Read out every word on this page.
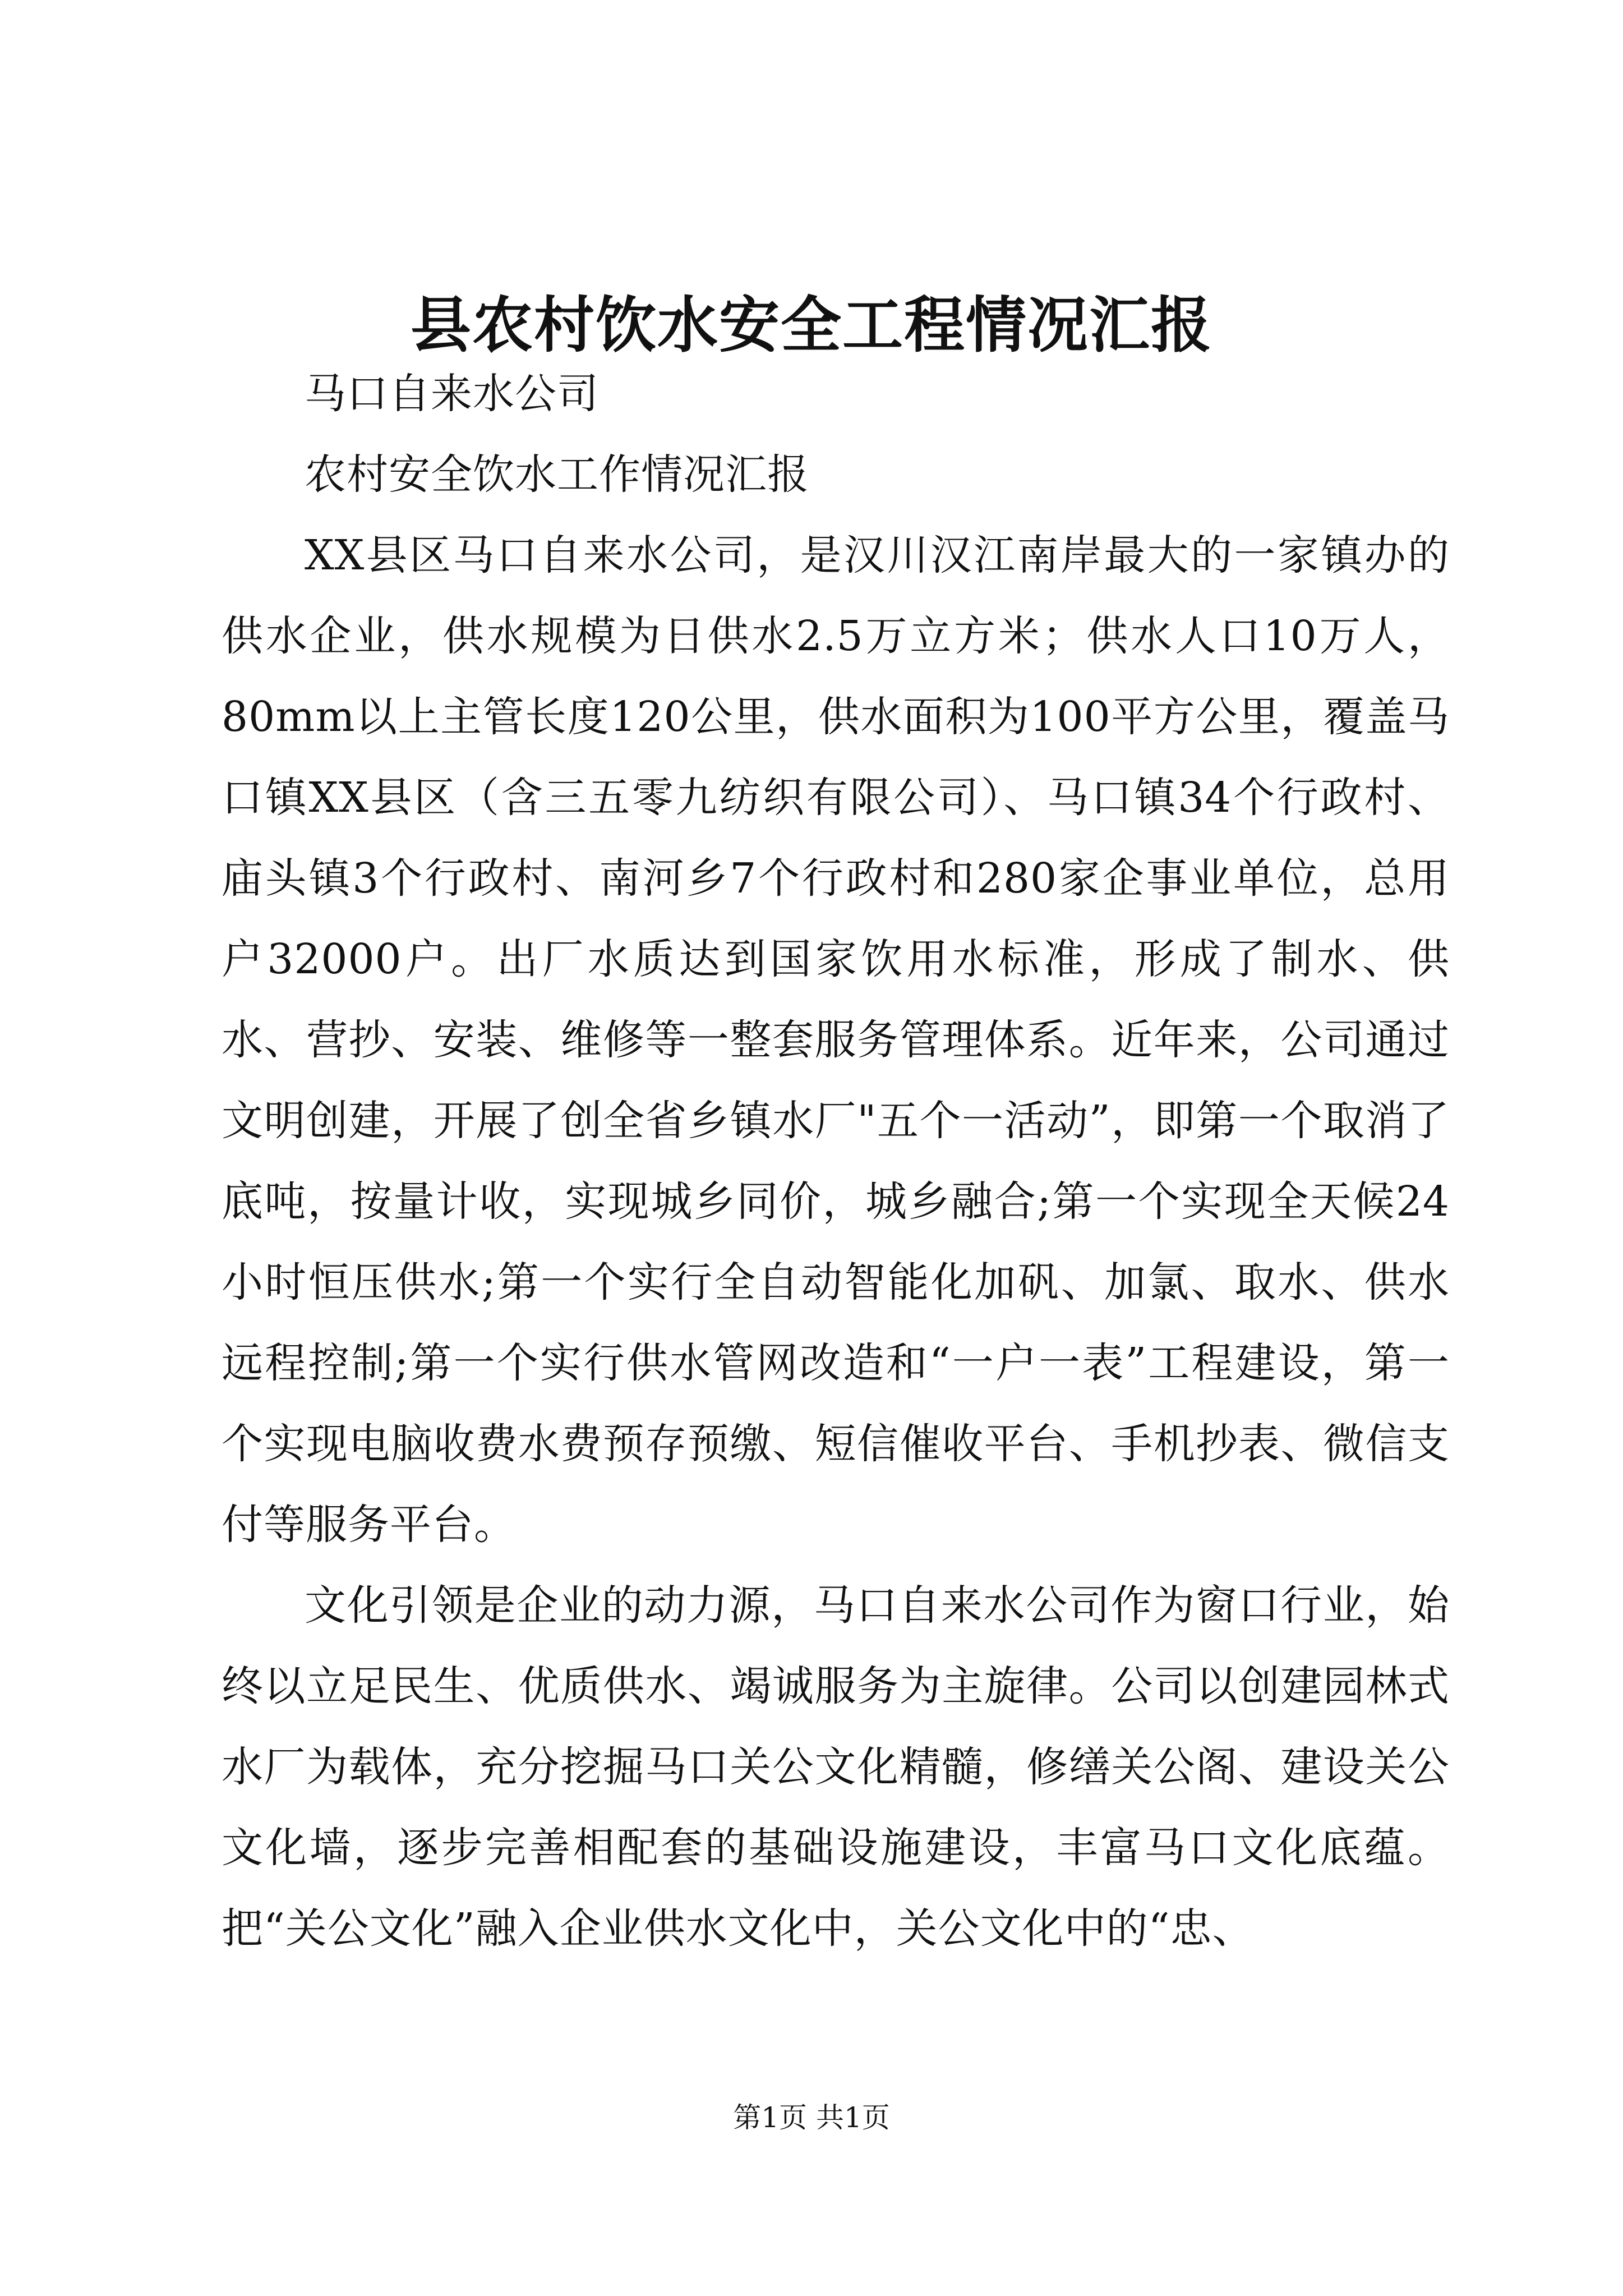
县农村饮水安全工程情况汇报

马口自来水公司

农村安全饮水工作情况汇报

XX县区马口自来水公司，是汉川汉江南岸最大的一家镇办的供水企业，供水规模为日供水2.5万立方米；供水人口10万人，80mm以上主管长度120公里，供水面积为100平方公里，覆盖马口镇XX县区（含三五零九纺织有限公司）、马口镇34个行政村、庙头镇3个行政村、南河乡7个行政村和280家企事业单位，总用户32000户。出厂水质达到国家饮用水标准，形成了制水、供水、营抄、安装、维修等一整套服务管理体系。近年来，公司通过文明创建，开展了创全省乡镇水厂"五个一活动”，即第一个取消了底吨，按量计收，实现城乡同价，城乡融合;第一个实现全天候24小时恒压供水;第一个实行全自动智能化加矾、加氯、取水、供水远程控制;第一个实行供水管网改造和“一户一表”工程建设，第一个实现电脑收费水费预存预缴、短信催收平台、手机抄表、微信支付等服务平台。

文化引领是企业的动力源，马口自来水公司作为窗口行业，始终以立足民生、优质供水、竭诚服务为主旋律。公司以创建园林式水厂为载体，充分挖掘马口关公文化精髓，修缮关公阁、建设关公文化墙，逐步完善相配套的基础设施建设，丰富马口文化底蕴。把“关公文化”融入企业供水文化中，关公文化中的“忠、

第1页 共1页
